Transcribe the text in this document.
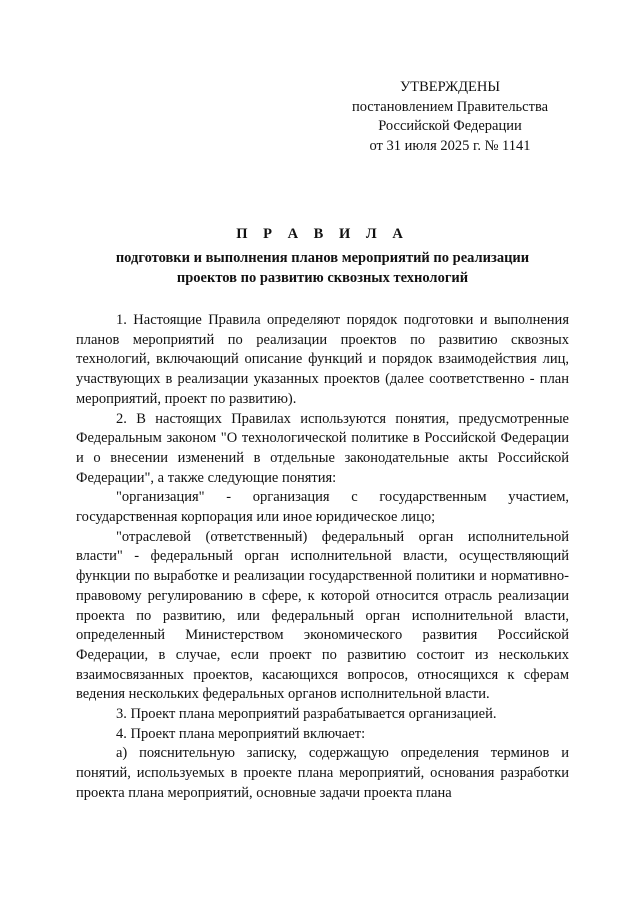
УТВЕРЖДЕНЫ
постановлением Правительства
Российской Федерации
от 31 июля 2025 г. № 1141
П Р А В И Л А
подготовки и выполнения планов мероприятий по реализации
проектов по развитию сквозных технологий

1. Настоящие Правила определяют порядок подготовки и выполнения планов мероприятий по реализации проектов по развитию сквозных технологий, включающий описание функций и порядок взаимодействия лиц, участвующих в реализации указанных проектов (далее соответственно - план мероприятий, проект по развитию).

2. В настоящих Правилах используются понятия, предусмотренные Федеральным законом "О технологической политике в Российской Федерации и о внесении изменений в отдельные законодательные акты Российской Федерации", а также следующие понятия:

"организация" - организация с государственным участием, государственная корпорация или иное юридическое лицо;

"отраслевой (ответственный) федеральный орган исполнительной власти" - федеральный орган исполнительной власти, осуществляющий функции по выработке и реализации государственной политики и нормативно-правовому регулированию в сфере, к которой относится отрасль реализации проекта по развитию, или федеральный орган исполнительной власти, определенный Министерством экономического развития Российской Федерации, в случае, если проект по развитию состоит из нескольких взаимосвязанных проектов, касающихся вопросов, относящихся к сферам ведения нескольких федеральных органов исполнительной власти.

3. Проект плана мероприятий разрабатывается организацией.

4. Проект плана мероприятий включает:

а) пояснительную записку, содержащую определения терминов и понятий, используемых в проекте плана мероприятий, основания разработки проекта плана мероприятий, основные задачи проекта плана
